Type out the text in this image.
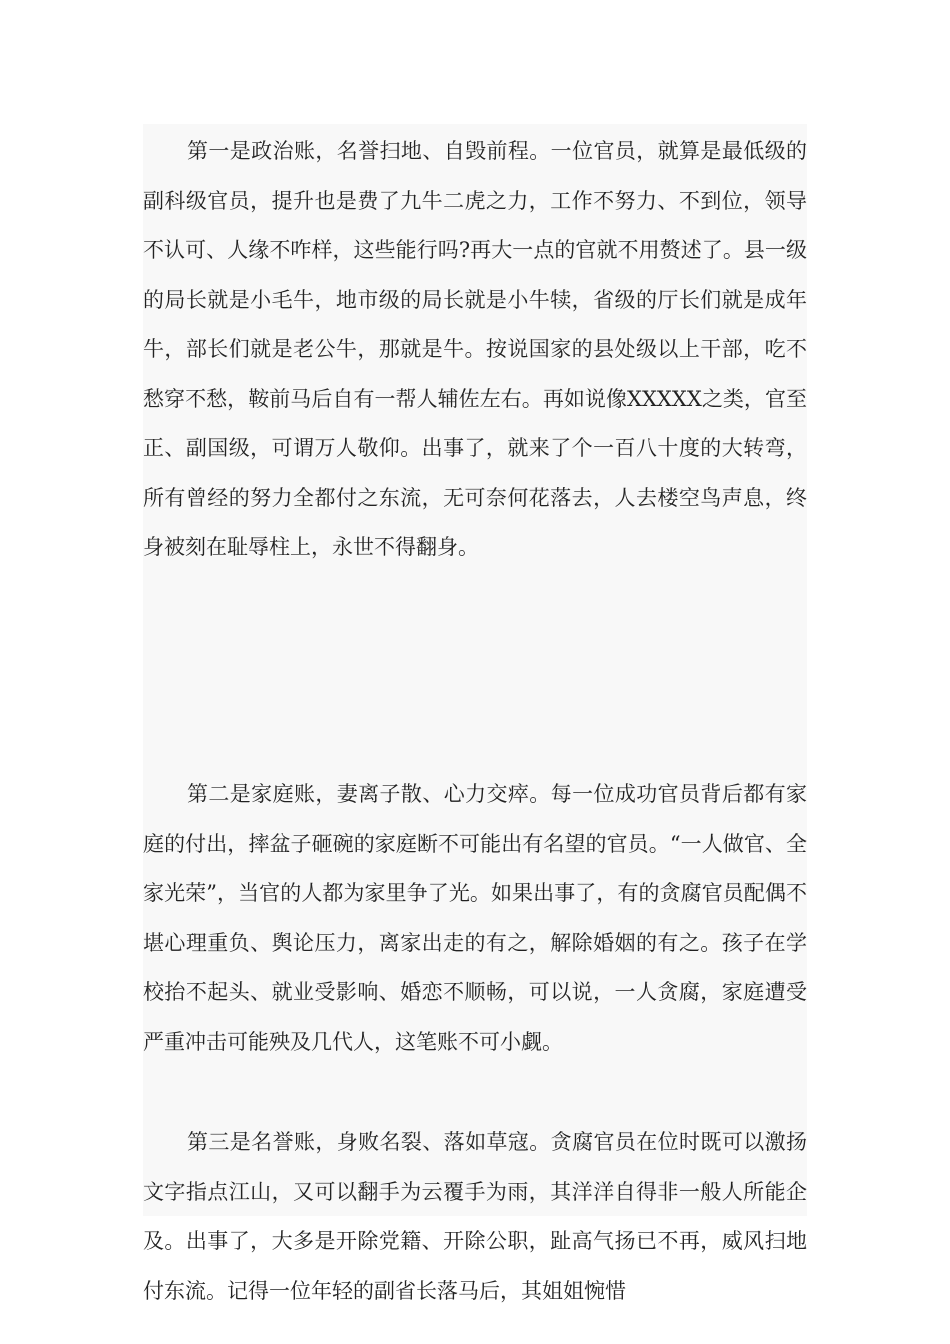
第一是政治账，名誉扫地、自毁前程。一位官员，就算是最低级的副科级官员，提升也是费了九牛二虎之力，工作不努力、不到位，领导不认可、人缘不咋样，这些能行吗?再大一点的官就不用赘述了。县一级的局长就是小毛牛，地市级的局长就是小牛犊，省级的厅长们就是成年牛，部长们就是老公牛，那就是牛。按说国家的县处级以上干部，吃不愁穿不愁，鞍前马后自有一帮人辅佐左右。再如说像XXXXX之类，官至正、副国级，可谓万人敬仰。出事了，就来了个一百八十度的大转弯，所有曾经的努力全都付之东流，无可奈何花落去，人去楼空鸟声息，终身被刻在耻辱柱上，永世不得翻身。

第二是家庭账，妻离子散、心力交瘁。每一位成功官员背后都有家庭的付出，摔盆子砸碗的家庭断不可能出有名望的官员。“一人做官、全家光荣”，当官的人都为家里争了光。如果出事了，有的贪腐官员配偶不堪心理重负、舆论压力，离家出走的有之，解除婚姻的有之。孩子在学校抬不起头、就业受影响、婚恋不顺畅，可以说，一人贪腐，家庭遭受严重冲击可能殃及几代人，这笔账不可小觑。

第三是名誉账，身败名裂、落如草寇。贪腐官员在位时既可以激扬文字指点江山，又可以翻手为云覆手为雨，其洋洋自得非一般人所能企及。出事了，大多是开除党籍、开除公职，趾高气扬已不再，威风扫地付东流。记得一位年轻的副省长落马后，其姐姐惋惜
